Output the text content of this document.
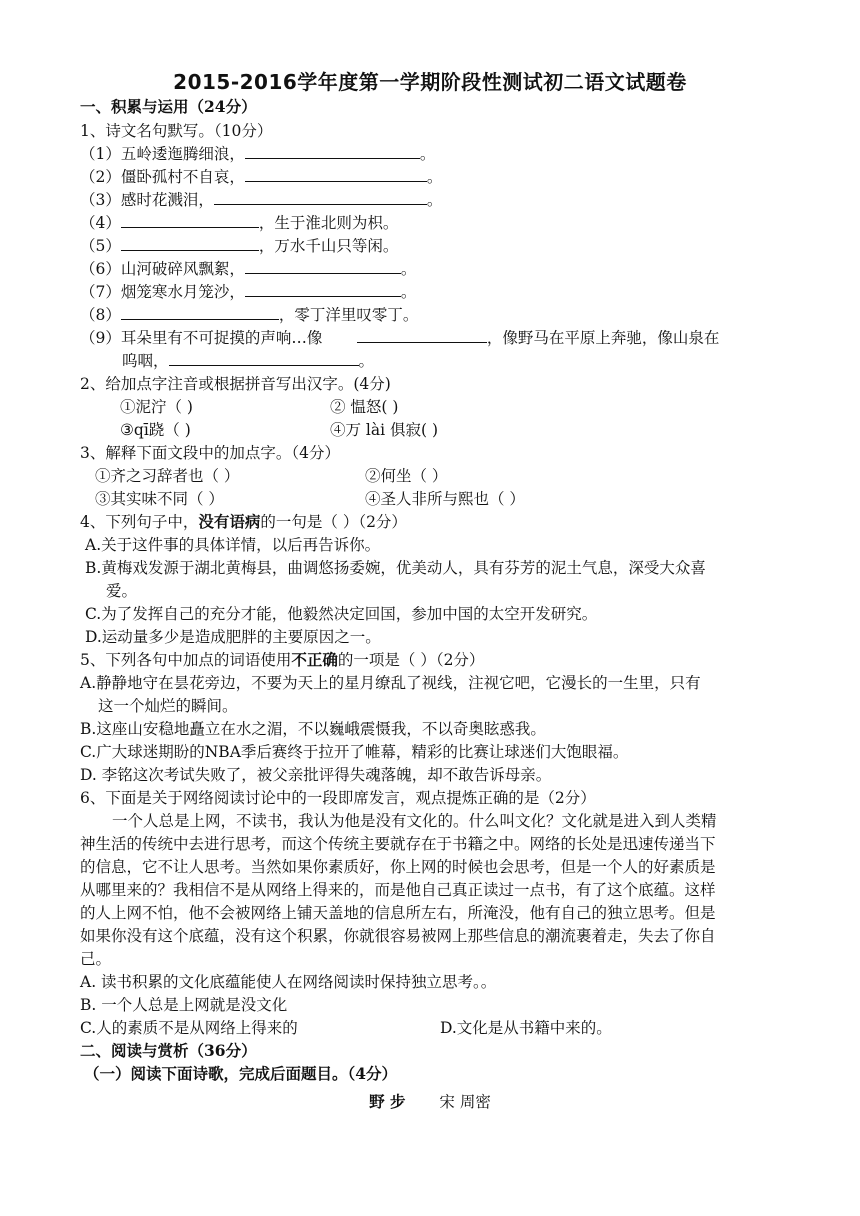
2015-2016学年度第一学期阶段性测试初二语文试题卷
一、积累与运用（24分）
1、诗文名句默写。（10分）
（1）五岭逶迤腾细浪，	。
（2）僵卧孤村不自哀，	。
（3）感时花溅泪，	。
（4）	，生于淮北则为枳。
（5）	，万水千山只等闲。
（6）山河破碎风飘絮，	。
（7）烟笼寒水月笼沙，	。
（8）	，零丁洋里叹零丁。
（9）耳朵里有不可捉摸的声响…像	，像野马在平原上奔驰，像山泉在
呜咽，	。
2、给加点字注音或根据拼音写出汉字。(4分)
①泥泞（ )	② 愠怒( )
③qī跷（ )	④万 lài 俱寂( )
3、解释下面文段中的加点字。（4分）
①齐之习辞者也（ ）	②何坐（ ）
③其实味不同（ ）	④圣人非所与熙也（ ）
4、下列句子中，没有语病的一句是（ ）（2分）
A.关于这件事的具体详情，以后再告诉你。
B.黄梅戏发源于湖北黄梅县，曲调悠扬委婉，优美动人，具有芬芳的泥土气息，深受大众喜
爱。
C.为了发挥自己的充分才能，他毅然决定回国，参加中国的太空开发研究。
D.运动量多少是造成肥胖的主要原因之一。
5、下列各句中加点的词语使用不正确的一项是（ ）（2分）
A.静静地守在昙花旁边，不要为天上的星月缭乱了视线，注视它吧，它漫长的一生里，只有
这一个灿烂的瞬间。
B.这座山安稳地矗立在水之湄，不以巍峨震慑我，不以奇奥眩惑我。
C.广大球迷期盼的NBA季后赛终于拉开了帷幕，精彩的比赛让球迷们大饱眼福。
D. 李铭这次考试失败了，被父亲批评得失魂落魄，却不敢告诉母亲。
6、下面是关于网络阅读讨论中的一段即席发言，观点提炼正确的是（2分）
一个人总是上网，不读书，我认为他是没有文化的。什么叫文化？文化就是进入到人类精
神生活的传统中去进行思考，而这个传统主要就存在于书籍之中。网络的长处是迅速传递当下
的信息，它不让人思考。当然如果你素质好，你上网的时候也会思考，但是一个人的好素质是
从哪里来的？我相信不是从网络上得来的，而是他自己真正读过一点书，有了这个底蕴。这样
的人上网不怕，他不会被网络上铺天盖地的信息所左右，所淹没，他有自己的独立思考。但是
如果你没有这个底蕴，没有这个积累，你就很容易被网上那些信息的潮流裹着走，失去了你自
己。
A. 读书积累的文化底蕴能使人在网络阅读时保持独立思考。。
B. 一个人总是上网就是没文化
C.人的素质不是从网络上得来的	D.文化是从书籍中来的。
二、阅读与赏析（36分）
（一）阅读下面诗歌，完成后面题目。（4分）
野 步 宋 周密
